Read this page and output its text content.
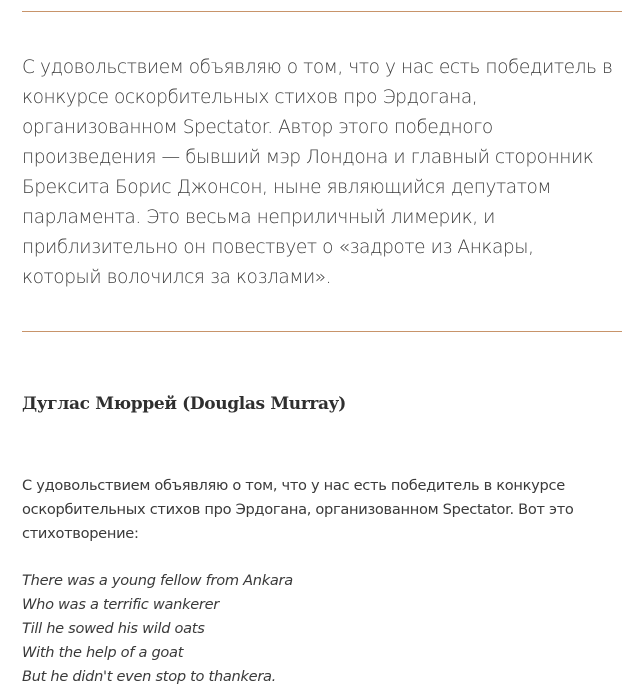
С удовольствием объявляю о том, что у нас есть победитель в
конкурсе оскорбительных стихов про Эрдогана,
организованном Spectator. Автор этого победного
произведения — бывший мэр Лондона и главный сторонник
Брексита Борис Джонсон, ныне являющийся депутатом
парламента. Это весьма неприличный лимерик, и
приблизительно он повествует о «задроте из Анкары,
который волочился за козлами».

Дуглас Мюррей (Douglas Murray)

С удовольствием объявляю о том, что у нас есть победитель в конкурсе
оскорбительных стихов про Эрдогана, организованном Spectator. Вот это
стихотворение:

There was a young fellow from Ankara
Who was a terrific wankerer
Till he sowed his wild oats
With the help of a goat
But he didn't even stop to thankera.
